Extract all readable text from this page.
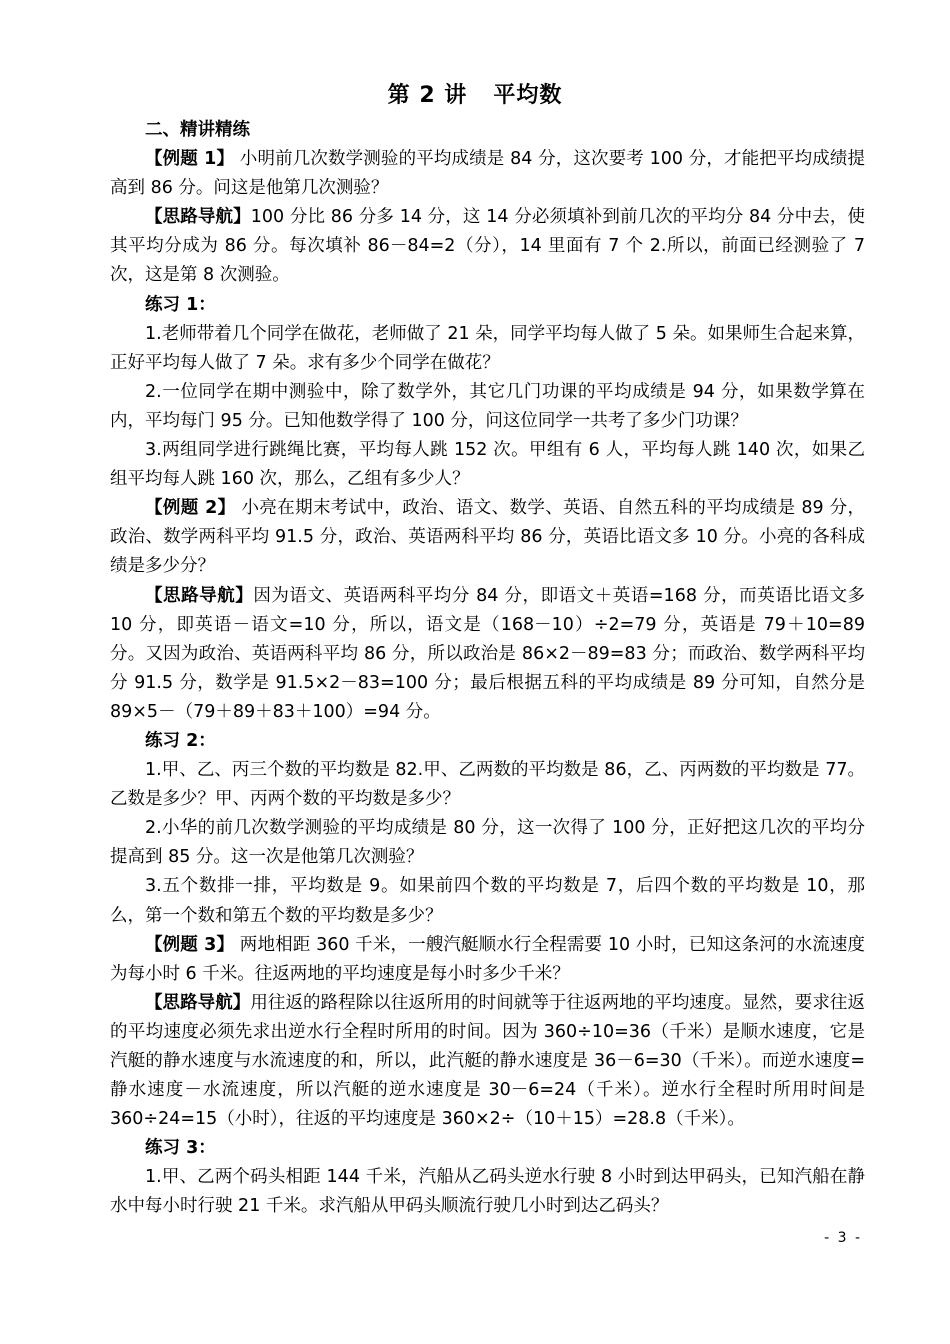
第 2 讲 平均数

二、精讲精练

【例题 1】 小明前几次数学测验的平均成绩是 84 分，这次要考 100 分，才能把平均成绩提高到 86 分。问这是他第几次测验？

【思路导航】100 分比 86 分多 14 分，这 14 分必须填补到前几次的平均分 84 分中去，使其平均分成为 86 分。每次填补 86－84=2（分），14 里面有 7 个 2.所以，前面已经测验了 7 次，这是第 8 次测验。

练习 1：

1.老师带着几个同学在做花，老师做了 21 朵，同学平均每人做了 5 朵。如果师生合起来算，正好平均每人做了 7 朵。求有多少个同学在做花？

2.一位同学在期中测验中，除了数学外，其它几门功课的平均成绩是 94 分，如果数学算在内，平均每门 95 分。已知他数学得了 100 分，问这位同学一共考了多少门功课？

3.两组同学进行跳绳比赛，平均每人跳 152 次。甲组有 6 人，平均每人跳 140 次，如果乙组平均每人跳 160 次，那么，乙组有多少人？

【例题 2】 小亮在期末考试中，政治、语文、数学、英语、自然五科的平均成绩是 89 分，政治、数学两科平均 91.5 分，政治、英语两科平均 86 分，英语比语文多 10 分。小亮的各科成绩是多少分？

【思路导航】因为语文、英语两科平均分 84 分，即语文＋英语=168 分，而英语比语文多 10 分，即英语－语文=10 分，所以，语文是（168－10）÷2=79 分，英语是 79＋10=89 分。又因为政治、英语两科平均 86 分，所以政治是 86×2－89=83 分；而政治、数学两科平均分 91.5 分，数学是 91.5×2－83=100 分；最后根据五科的平均成绩是 89 分可知，自然分是 89×5－（79＋89＋83＋100）=94 分。

练习 2：

1.甲、乙、丙三个数的平均数是 82.甲、乙两数的平均数是 86，乙、丙两数的平均数是 77。乙数是多少？甲、丙两个数的平均数是多少？

2.小华的前几次数学测验的平均成绩是 80 分，这一次得了 100 分，正好把这几次的平均分提高到 85 分。这一次是他第几次测验？

3.五个数排一排，平均数是 9。如果前四个数的平均数是 7，后四个数的平均数是 10，那么，第一个数和第五个数的平均数是多少？

【例题 3】 两地相距 360 千米，一艘汽艇顺水行全程需要 10 小时，已知这条河的水流速度为每小时 6 千米。往返两地的平均速度是每小时多少千米？

【思路导航】用往返的路程除以往返所用的时间就等于往返两地的平均速度。显然，要求往返的平均速度必须先求出逆水行全程时所用的时间。因为 360÷10=36（千米）是顺水速度，它是汽艇的静水速度与水流速度的和，所以，此汽艇的静水速度是 36－6=30（千米）。而逆水速度=静水速度－水流速度，所以汽艇的逆水速度是 30－6=24（千米）。逆水行全程时所用时间是 360÷24=15（小时），往返的平均速度是 360×2÷（10＋15）=28.8（千米）。

练习 3：

1.甲、乙两个码头相距 144 千米，汽船从乙码头逆水行驶 8 小时到达甲码头，已知汽船在静水中每小时行驶 21 千米。求汽船从甲码头顺流行驶几小时到达乙码头？

- 3 -
